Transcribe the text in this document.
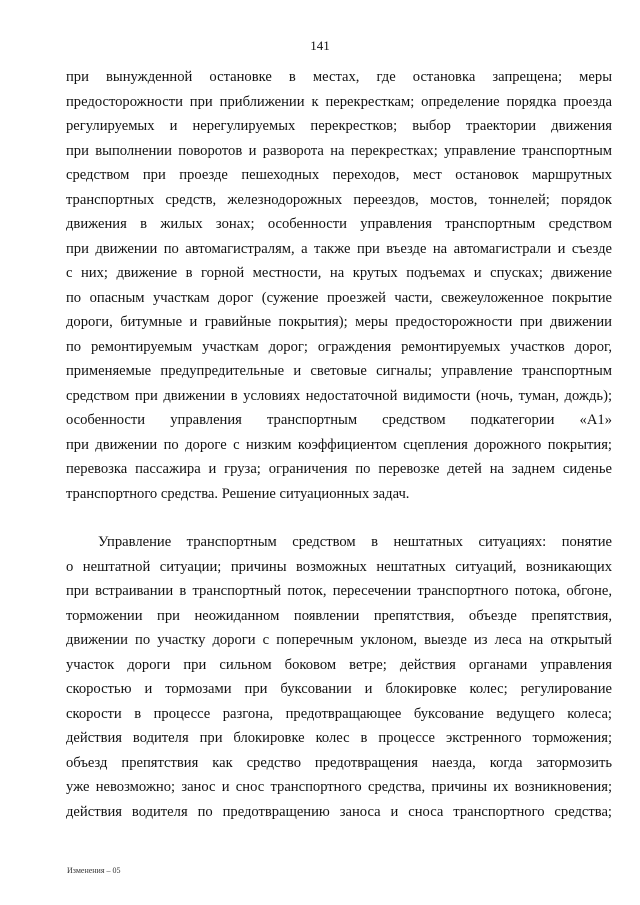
141
при вынужденной остановке в местах, где остановка запрещена; меры
предосторожности при приближении к перекресткам; определение порядка проезда
регулируемых и нерегулируемых перекрестков; выбор траектории движения
при выполнении поворотов и разворота на перекрестках; управление транспортным
средством при проезде пешеходных переходов, мест остановок маршрутных
транспортных средств, железнодорожных переездов, мостов, тоннелей; порядок
движения в жилых зонах; особенности управления транспортным средством
при движении по автомагистралям, а также при въезде на автомагистрали и съезде
с них; движение в горной местности, на крутых подъемах и спусках; движение
по опасным участкам дорог (сужение проезжей части, свежеуложенное покрытие
дороги, битумные и гравийные покрытия); меры предосторожности при движении
по ремонтируемым участкам дорог; ограждения ремонтируемых участков дорог,
применяемые предупредительные и световые сигналы; управление транспортным
средством при движении в условиях недостаточной видимости (ночь, туман, дождь);
особенности управления транспортным средством подкатегории «А1»
при движении по дороге с низким коэффициентом сцепления дорожного покрытия;
перевозка пассажира и груза; ограничения по перевозке детей на заднем сиденье
транспортного средства. Решение ситуационных задач.
Управление транспортным средством в нештатных ситуациях: понятие
о нештатной ситуации; причины возможных нештатных ситуаций, возникающих
при встраивании в транспортный поток, пересечении транспортного потока, обгоне,
торможении при неожиданном появлении препятствия, объезде препятствия,
движении по участку дороги с поперечным уклоном, выезде из леса на открытый
участок дороги при сильном боковом ветре; действия органами управления
скоростью и тормозами при буксовании и блокировке колес; регулирование
скорости в процессе разгона, предотвращающее буксование ведущего колеса;
действия водителя при блокировке колес в процессе экстренного торможения;
объезд препятствия как средство предотвращения наезда, когда затормозить
уже невозможно; занос и снос транспортного средства, причины их возникновения;
действия водителя по предотвращению заноса и сноса транспортного средства;
Изменения – 05
